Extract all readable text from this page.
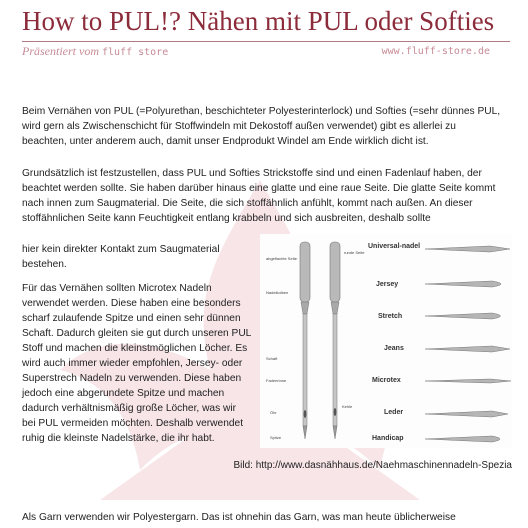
How to PUL!? Nähen mit PUL oder Softies
Präsentiert vom fluff store	www.fluff-store.de
Beim Vernähen von PUL (=Polyurethan, beschichteter Polyesterinterlock) und Softies (=sehr dünnes PUL, wird gern als Zwischenschicht für Stoffwindeln mit Dekostoff außen verwendet) gibt es allerlei zu beachten, unter anderem auch, damit unser Endprodukt Windel am Ende wirklich dicht ist.
Grundsätzlich ist festzustellen, dass PUL und Softies Strickstoffe sind und einen Fadenlauf haben, der beachtet werden sollte. Sie haben darüber hinaus eine glatte und eine raue Seite. Die glatte Seite kommt nach innen zum Saugmaterial. Die Seite, die sich stoffähnlich anfühlt, kommt nach außen. An dieser stoffähnlichen Seite kann Feuchtigkeit entlang krabbeln und sich ausbreiten, deshalb sollte
hier kein direkter Kontakt zum Saugmaterial bestehen.
Für das Vernähen sollten Microtex Nadeln verwendet werden. Diese haben eine besonders scharf zulaufende Spitze und einen sehr dünnen Schaft. Dadurch gleiten sie gut durch unseren PUL Stoff und machen die kleinstmöglichen Löcher. Es wird auch immer wieder empfohlen, Jersey- oder Superstrech Nadeln zu verwenden. Diese haben jedoch eine abgerundete Spitze und machen dadurch verhältnismäßig große Löcher, was wir bei PUL vermeiden möchten. Deshalb verwendet ruhig die kleinste Nadelstärke, die ihr habt.
abgeflachte Seite
Nadelkolben
Schaft
Fadenrinne
Öhr
Spitze
runde Seite
Kehle
Universal-nadel
Jersey
Stretch
Jeans
Microtex
Leder
Handicap
Bild: http://www.dasnähhaus.de/Naehmaschinennadeln-Spezia
Als Garn verwenden wir Polyestergarn. Das ist ohnehin das Garn, was man heute üblicherweise
